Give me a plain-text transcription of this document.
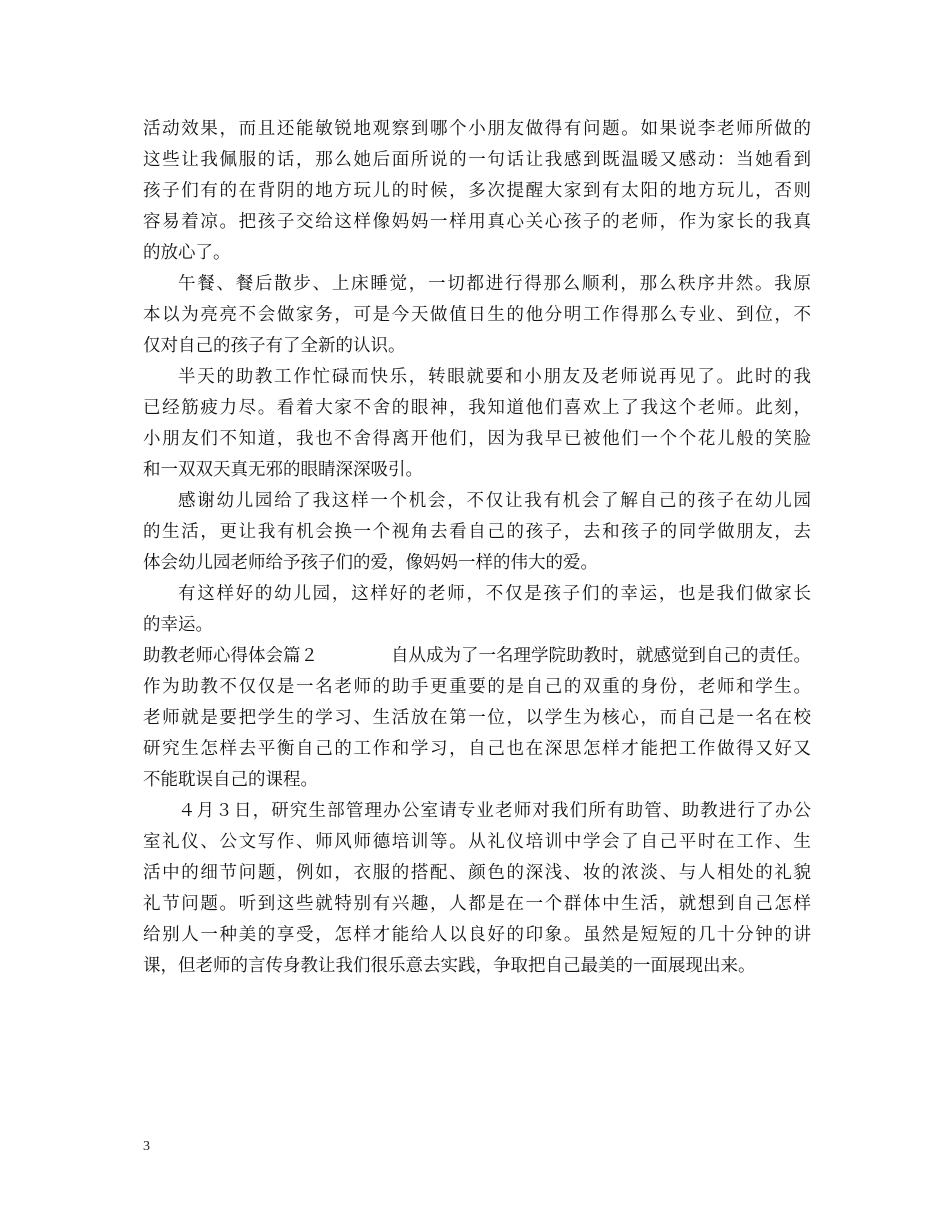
活动效果，而且还能敏锐地观察到哪个小朋友做得有问题。如果说李老师所做的
这些让我佩服的话，那么她后面所说的一句话让我感到既温暖又感动：当她看到
孩子们有的在背阴的地方玩儿的时候，多次提醒大家到有太阳的地方玩儿，否则
容易着凉。把孩子交给这样像妈妈一样用真心关心孩子的老师，作为家长的我真
的放心了。
午餐、餐后散步、上床睡觉，一切都进行得那么顺利，那么秩序井然。我原
本以为亮亮不会做家务，可是今天做值日生的他分明工作得那么专业、到位，不
仅对自己的孩子有了全新的认识。
半天的助教工作忙碌而快乐，转眼就要和小朋友及老师说再见了。此时的我
已经筋疲力尽。看着大家不舍的眼神，我知道他们喜欢上了我这个老师。此刻，
小朋友们不知道，我也不舍得离开他们，因为我早已被他们一个个花儿般的笑脸
和一双双天真无邪的眼睛深深吸引。
感谢幼儿园给了我这样一个机会，不仅让我有机会了解自己的孩子在幼儿园
的生活，更让我有机会换一个视角去看自己的孩子，去和孩子的同学做朋友，去
体会幼儿园老师给予孩子们的爱，像妈妈一样的伟大的爱。
有这样好的幼儿园，这样好的老师，不仅是孩子们的幸运，也是我们做家长
的幸运。
助教老师心得体会篇２	自从成为了一名理学院助教时，就感觉到自己的责任。
作为助教不仅仅是一名老师的助手更重要的是自己的双重的身份，老师和学生。
老师就是要把学生的学习、生活放在第一位，以学生为核心，而自己是一名在校
研究生怎样去平衡自己的工作和学习，自己也在深思怎样才能把工作做得又好又
不能耽误自己的课程。
４月３日，研究生部管理办公室请专业老师对我们所有助管、助教进行了办公
室礼仪、公文写作、师风师德培训等。从礼仪培训中学会了自己平时在工作、生
活中的细节问题，例如，衣服的搭配、颜色的深浅、妆的浓淡、与人相处的礼貌
礼节问题。听到这些就特别有兴趣，人都是在一个群体中生活，就想到自己怎样
给别人一种美的享受，怎样才能给人以良好的印象。虽然是短短的几十分钟的讲
课，但老师的言传身教让我们很乐意去实践，争取把自己最美的一面展现出来。
3
